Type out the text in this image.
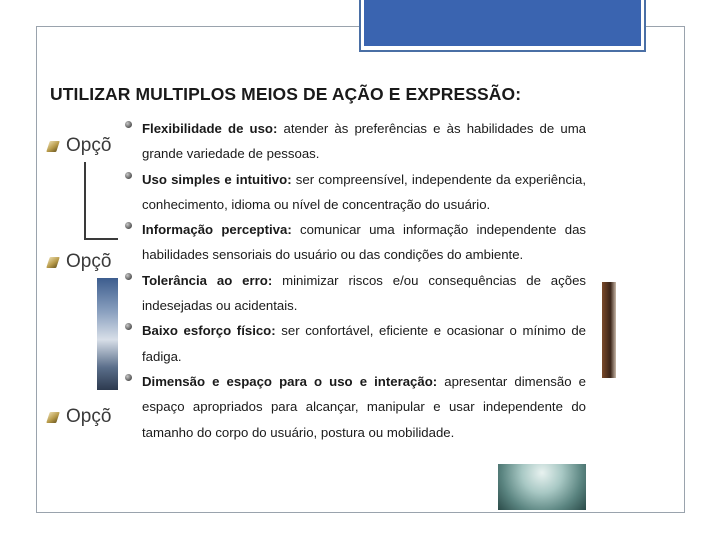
UTILIZAR MULTIPLOS MEIOS DE AÇÃO E EXPRESSÃO:
Opçõ
Opçõ
Opçõ
Flexibilidade de uso: atender às preferências e às habilidades de uma grande variedade de pessoas.
Uso simples e intuitivo: ser compreensível, independente da experiência, conhecimento, idioma ou nível de concentração do usuário.
Informação perceptiva: comunicar uma informação independente das habilidades sensoriais do usuário ou das condições do ambiente.
Tolerância ao erro: minimizar riscos e/ou consequências de ações indesejadas ou acidentais.
Baixo esforço físico: ser confortável, eficiente e ocasionar o mínimo de fadiga.
Dimensão e espaço para o uso e interação: apresentar dimensão e espaço apropriados para alcançar, manipular e usar independente do tamanho do corpo do usuário, postura ou mobilidade.
